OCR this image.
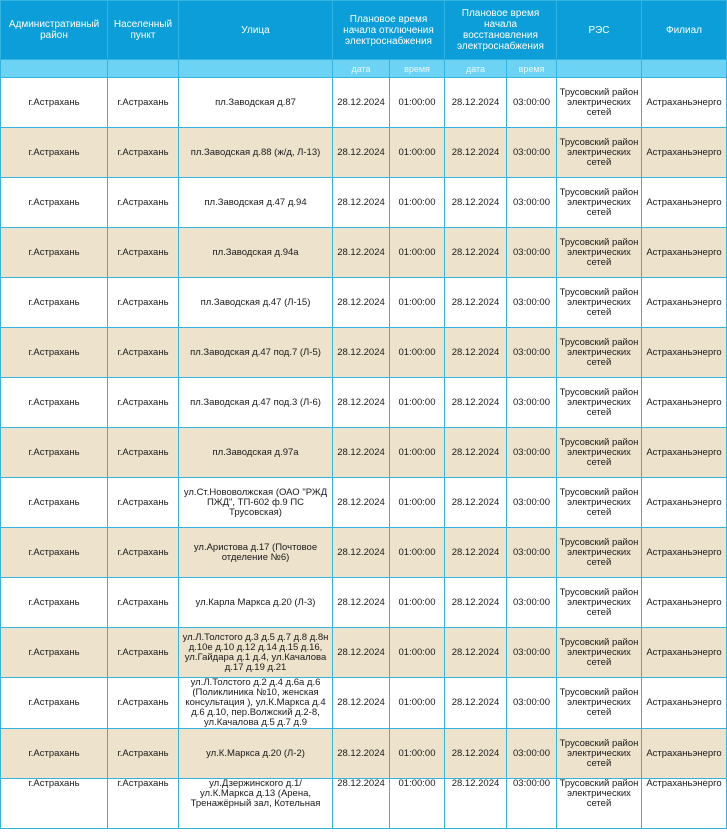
Административный район	Населенный пункт	Улица	Плановое время начала отключения электроснабжения		Плановое время начала восстановления электроснабжения		РЭС	Филиал
			дата	время	дата	время		
г.Астрахань	г.Астрахань	пл.Заводская д.87	28.12.2024	01:00:00	28.12.2024	03:00:00	Трусовский район электрических сетей	Астраханьэнерго
г.Астрахань	г.Астрахань	пл.Заводская д.88 (ж/д, Л-13)	28.12.2024	01:00:00	28.12.2024	03:00:00	Трусовский район электрических сетей	Астраханьэнерго
г.Астрахань	г.Астрахань	пл.Заводская д.47 д.94	28.12.2024	01:00:00	28.12.2024	03:00:00	Трусовский район электрических сетей	Астраханьэнерго
г.Астрахань	г.Астрахань	пл.Заводская д.94а	28.12.2024	01:00:00	28.12.2024	03:00:00	Трусовский район электрических сетей	Астраханьэнерго
г.Астрахань	г.Астрахань	пл.Заводская д.47 (Л-15)	28.12.2024	01:00:00	28.12.2024	03:00:00	Трусовский район электрических сетей	Астраханьэнерго
г.Астрахань	г.Астрахань	пл.Заводская д.47 под.7 (Л-5)	28.12.2024	01:00:00	28.12.2024	03:00:00	Трусовский район электрических сетей	Астраханьэнерго
г.Астрахань	г.Астрахань	пл.Заводская д.47 под.3 (Л-6)	28.12.2024	01:00:00	28.12.2024	03:00:00	Трусовский район электрических сетей	Астраханьэнерго
г.Астрахань	г.Астрахань	пл.Заводская д.97а	28.12.2024	01:00:00	28.12.2024	03:00:00	Трусовский район электрических сетей	Астраханьэнерго
г.Астрахань	г.Астрахань	ул.Ст.Нововолжская (ОАО "РЖД ПЖД", ТП-602 ф.9 ПС Трусовская)	28.12.2024	01:00:00	28.12.2024	03:00:00	Трусовский район электрических сетей	Астраханьэнерго
г.Астрахань	г.Астрахань	ул.Аристова д.17 (Почтовое отделение №6)	28.12.2024	01:00:00	28.12.2024	03:00:00	Трусовский район электрических сетей	Астраханьэнерго
г.Астрахань	г.Астрахань	ул.Карла Маркса д.20 (Л-3)	28.12.2024	01:00:00	28.12.2024	03:00:00	Трусовский район электрических сетей	Астраханьэнерго
г.Астрахань	г.Астрахань	ул.Л.Толстого д.3 д.5 д.7 д.8 д.8н д.10е д.10 д.12 д.14 д.15 д.16, ул.Гайдара д.1 д.4, ул.Качалова д.17 д.19 д.21	28.12.2024	01:00:00	28.12.2024	03:00:00	Трусовский район электрических сетей	Астраханьэнерго
г.Астрахань	г.Астрахань	ул.Л.Толстого д.2 д.4 д.6а д.6 (Поликлиника №10, женская консультация ), ул.К.Маркса д.4 д.6 д.10, пер.Волжский д.2-8, ул.Качалова д.5 д.7 д.9	28.12.2024	01:00:00	28.12.2024	03:00:00	Трусовский район электрических сетей	Астраханьэнерго
г.Астрахань	г.Астрахань	ул.К.Маркса д.20 (Л-2)	28.12.2024	01:00:00	28.12.2024	03:00:00	Трусовский район электрических сетей	Астраханьэнерго
г.Астрахань	г.Астрахань	ул.Дзержинского д.1/ ул.К.Маркса д.13 (Арена, Тренажёрный зал, Котельная	28.12.2024	01:00:00	28.12.2024	03:00:00	Трусовский район электрических сетей	Астраханьэнерго
